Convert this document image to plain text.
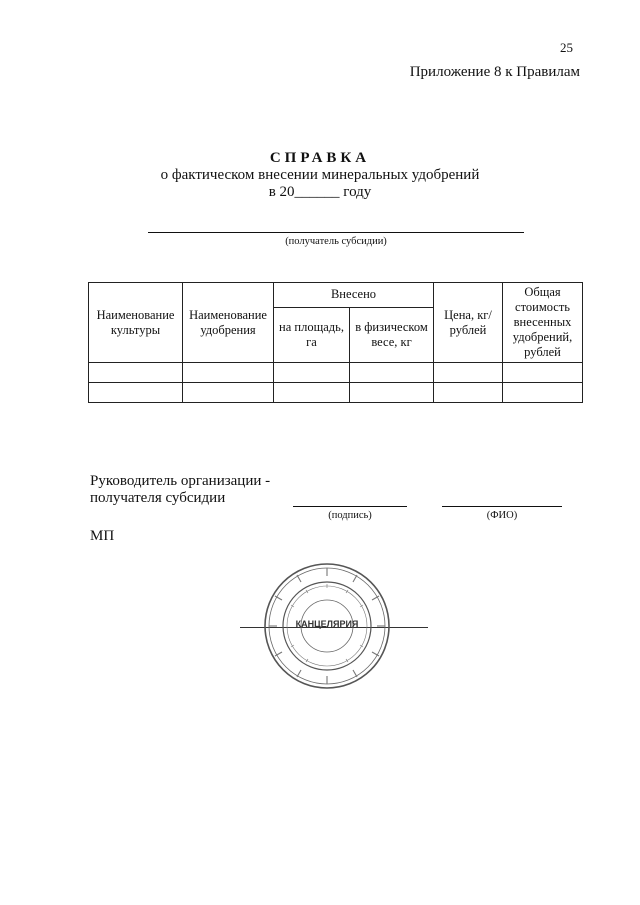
25
Приложение 8 к Правилам
СПРАВКА
о фактическом внесении минеральных удобрений
в 20______ году
(получатель субсидии)
Наименование культуры	Наименование удобрения	Внесено		Цена, кг/рублей	Общая стоимость внесенных удобрений, рублей
		на площадь, га	в физическом весе, кг		

Руководитель организации -
получателя субсидии
(подпись)	(ФИО)
МП
КАНЦЕЛЯРИЯ
